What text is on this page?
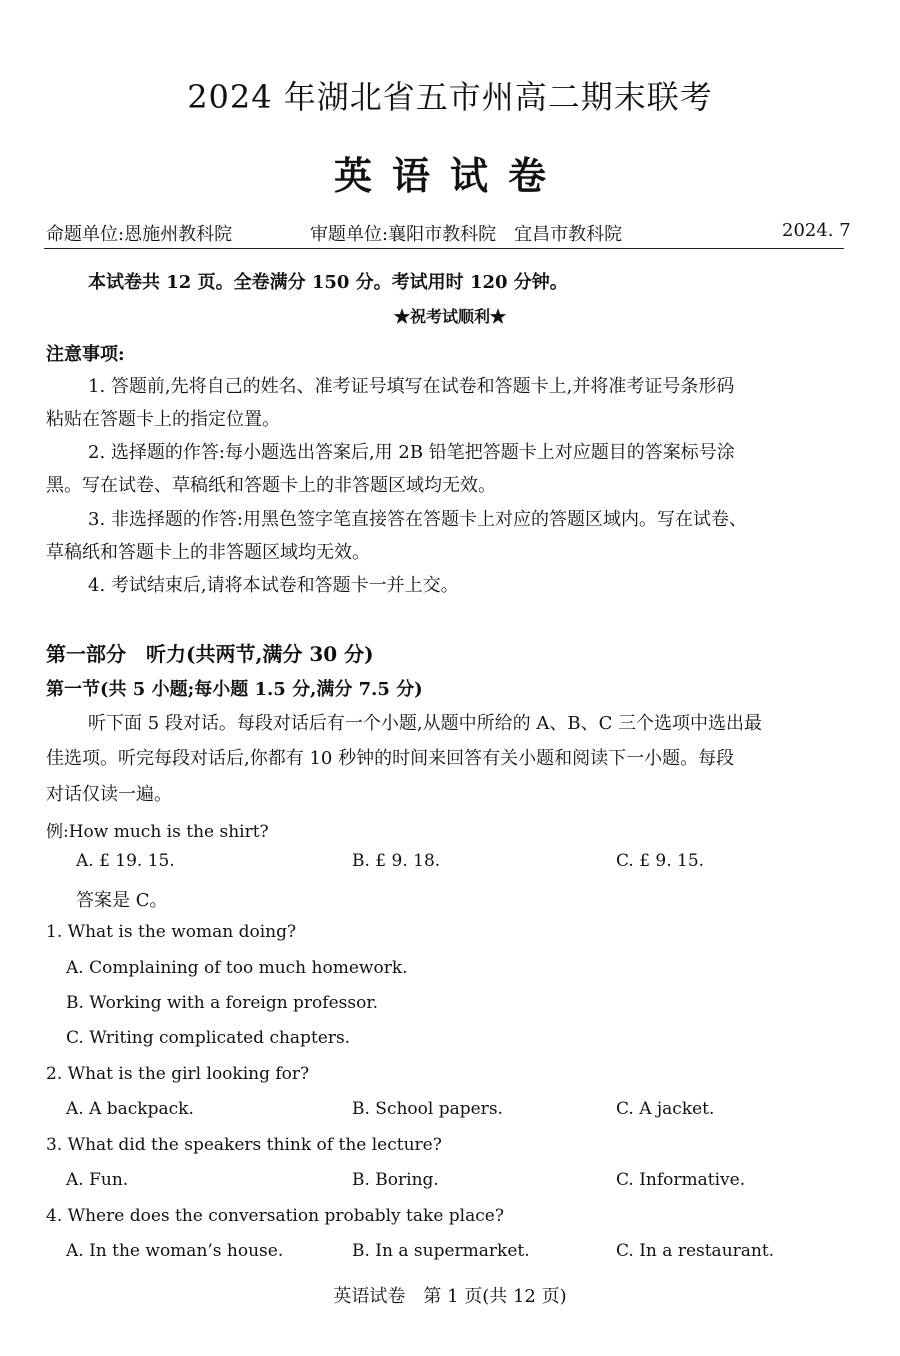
2024 年湖北省五市州高二期末联考
英语试卷
命题单位:恩施州教科院	审题单位:襄阳市教科院　宜昌市教科院	2024. 7
本试卷共 12 页。全卷满分 150 分。考试用时 120 分钟。
★祝考试顺利★
注意事项:
1. 答题前,先将自己的姓名、准考证号填写在试卷和答题卡上,并将准考证号条形码
粘贴在答题卡上的指定位置。
2. 选择题的作答:每小题选出答案后,用 2B 铅笔把答题卡上对应题目的答案标号涂
黑。写在试卷、草稿纸和答题卡上的非答题区域均无效。
3. 非选择题的作答:用黑色签字笔直接答在答题卡上对应的答题区域内。写在试卷、
草稿纸和答题卡上的非答题区域均无效。
4. 考试结束后,请将本试卷和答题卡一并上交。
第一部分　听力(共两节,满分 30 分)
第一节(共 5 小题;每小题 1.5 分,满分 7.5 分)
听下面 5 段对话。每段对话后有一个小题,从题中所给的 A、B、C 三个选项中选出最
佳选项。听完每段对话后,你都有 10 秒钟的时间来回答有关小题和阅读下一小题。每段
对话仅读一遍。
例:How much is the shirt?
A. £ 19. 15.	B. £ 9. 18.	C. £ 9. 15.
答案是 C。
1. What is the woman doing?
A. Complaining of too much homework.
B. Working with a foreign professor.
C. Writing complicated chapters.
2. What is the girl looking for?
A. A backpack.	B. School papers.	C. A jacket.
3. What did the speakers think of the lecture?
A. Fun.	B. Boring.	C. Informative.
4. Where does the conversation probably take place?
A. In the woman’s house.	B. In a supermarket.	C. In a restaurant.
英语试卷　第 1 页(共 12 页)
